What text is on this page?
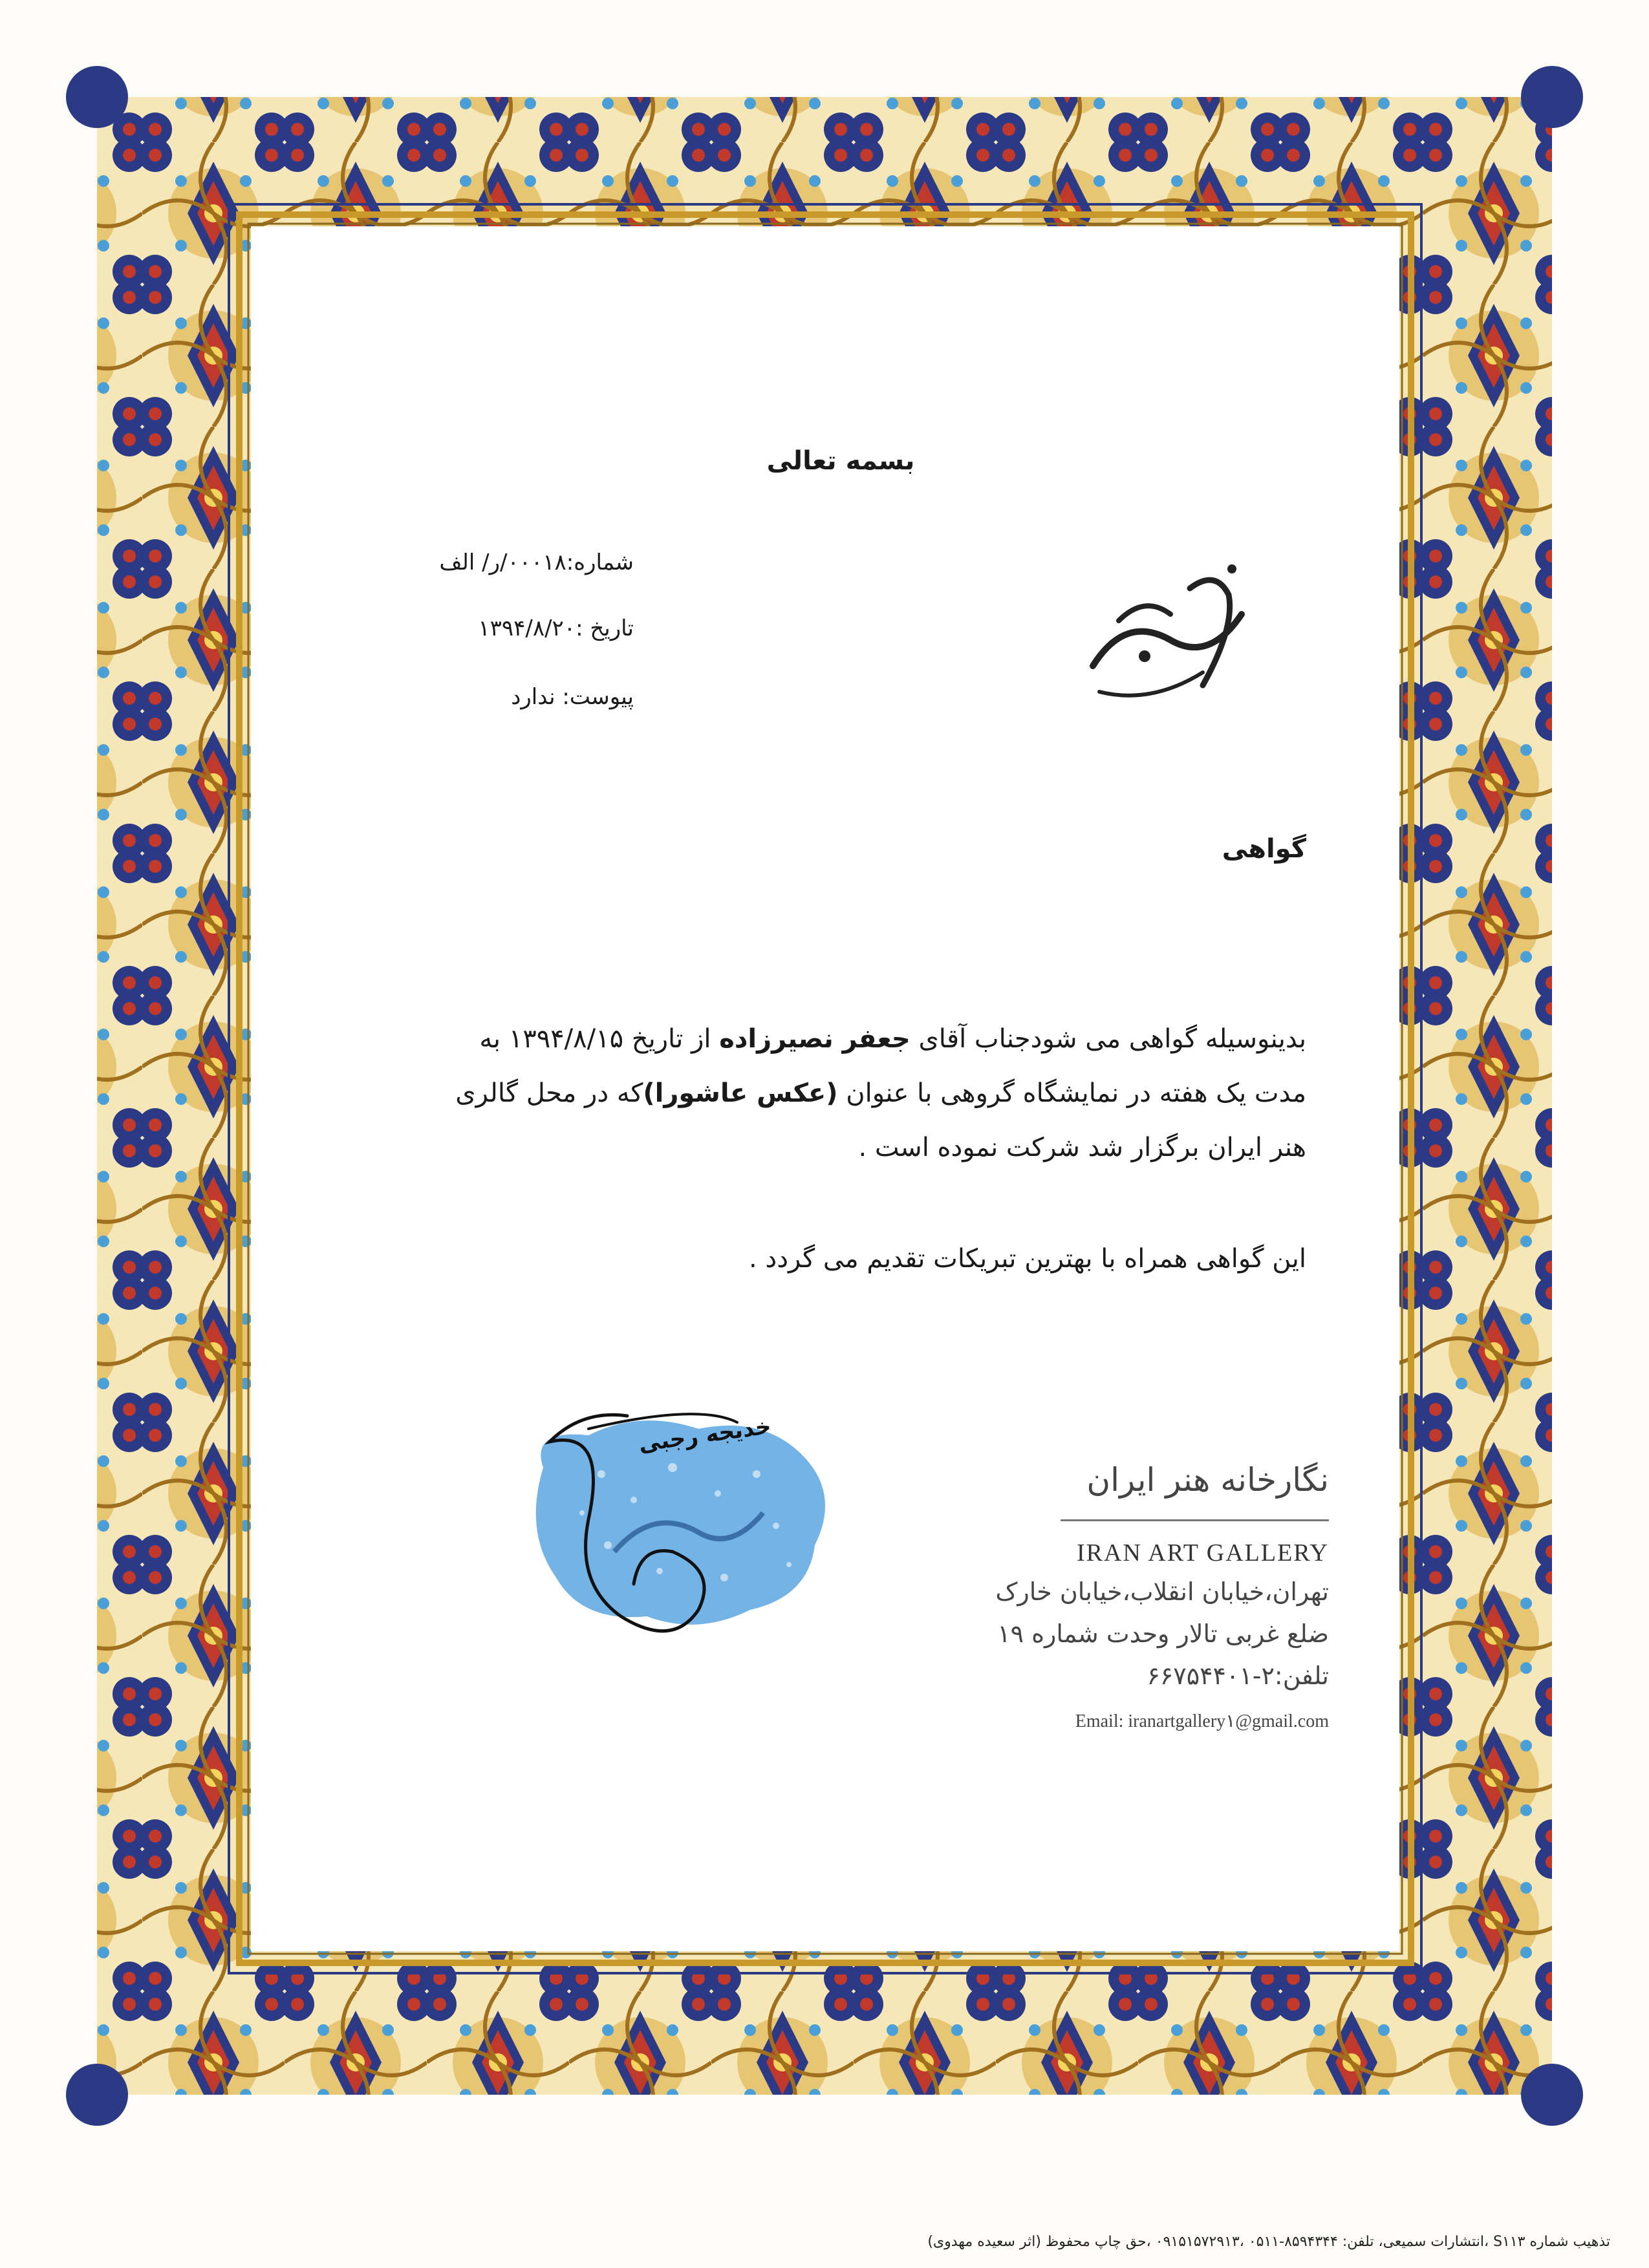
بسمه تعالی
شماره:۰۰۰۱۸/ر/ الف
تاریخ :۱۳۹۴/۸/۲۰
پیوست: ندارد
گواهی
بدینوسیله گواهی می شودجناب آقای جعفر نصیرزاده از تاریخ ۱۳۹۴/۸/۱۵ به
مدت یک هفته در نمایشگاه گروهی با عنوان (عکس عاشورا)که در محل گالری
هنر ایران برگزار شد شرکت نموده است .
این گواهی همراه با بهترین تبریکات تقدیم می گردد .
خدیجه رجبی
نگارخانه هنر ایران
IRAN ART GALLERY
تهران،خیابان انقلاب،خیابان خارک
ضلع غربی تالار وحدت شماره ۱۹
تلفن:۲-۶۶۷۵۴۴۰۱
Email: iranartgallery١@gmail.com
تذهیب شماره S۱۱۳ ،انتشارات سمیعی، تلفن: ۸۵۹۴۳۴۴-۰۵۱۱ ،۰۹۱۵۱۵۷۲۹۱۳ ،حق چاپ محفوظ (اثر سعیده مهدوی)
